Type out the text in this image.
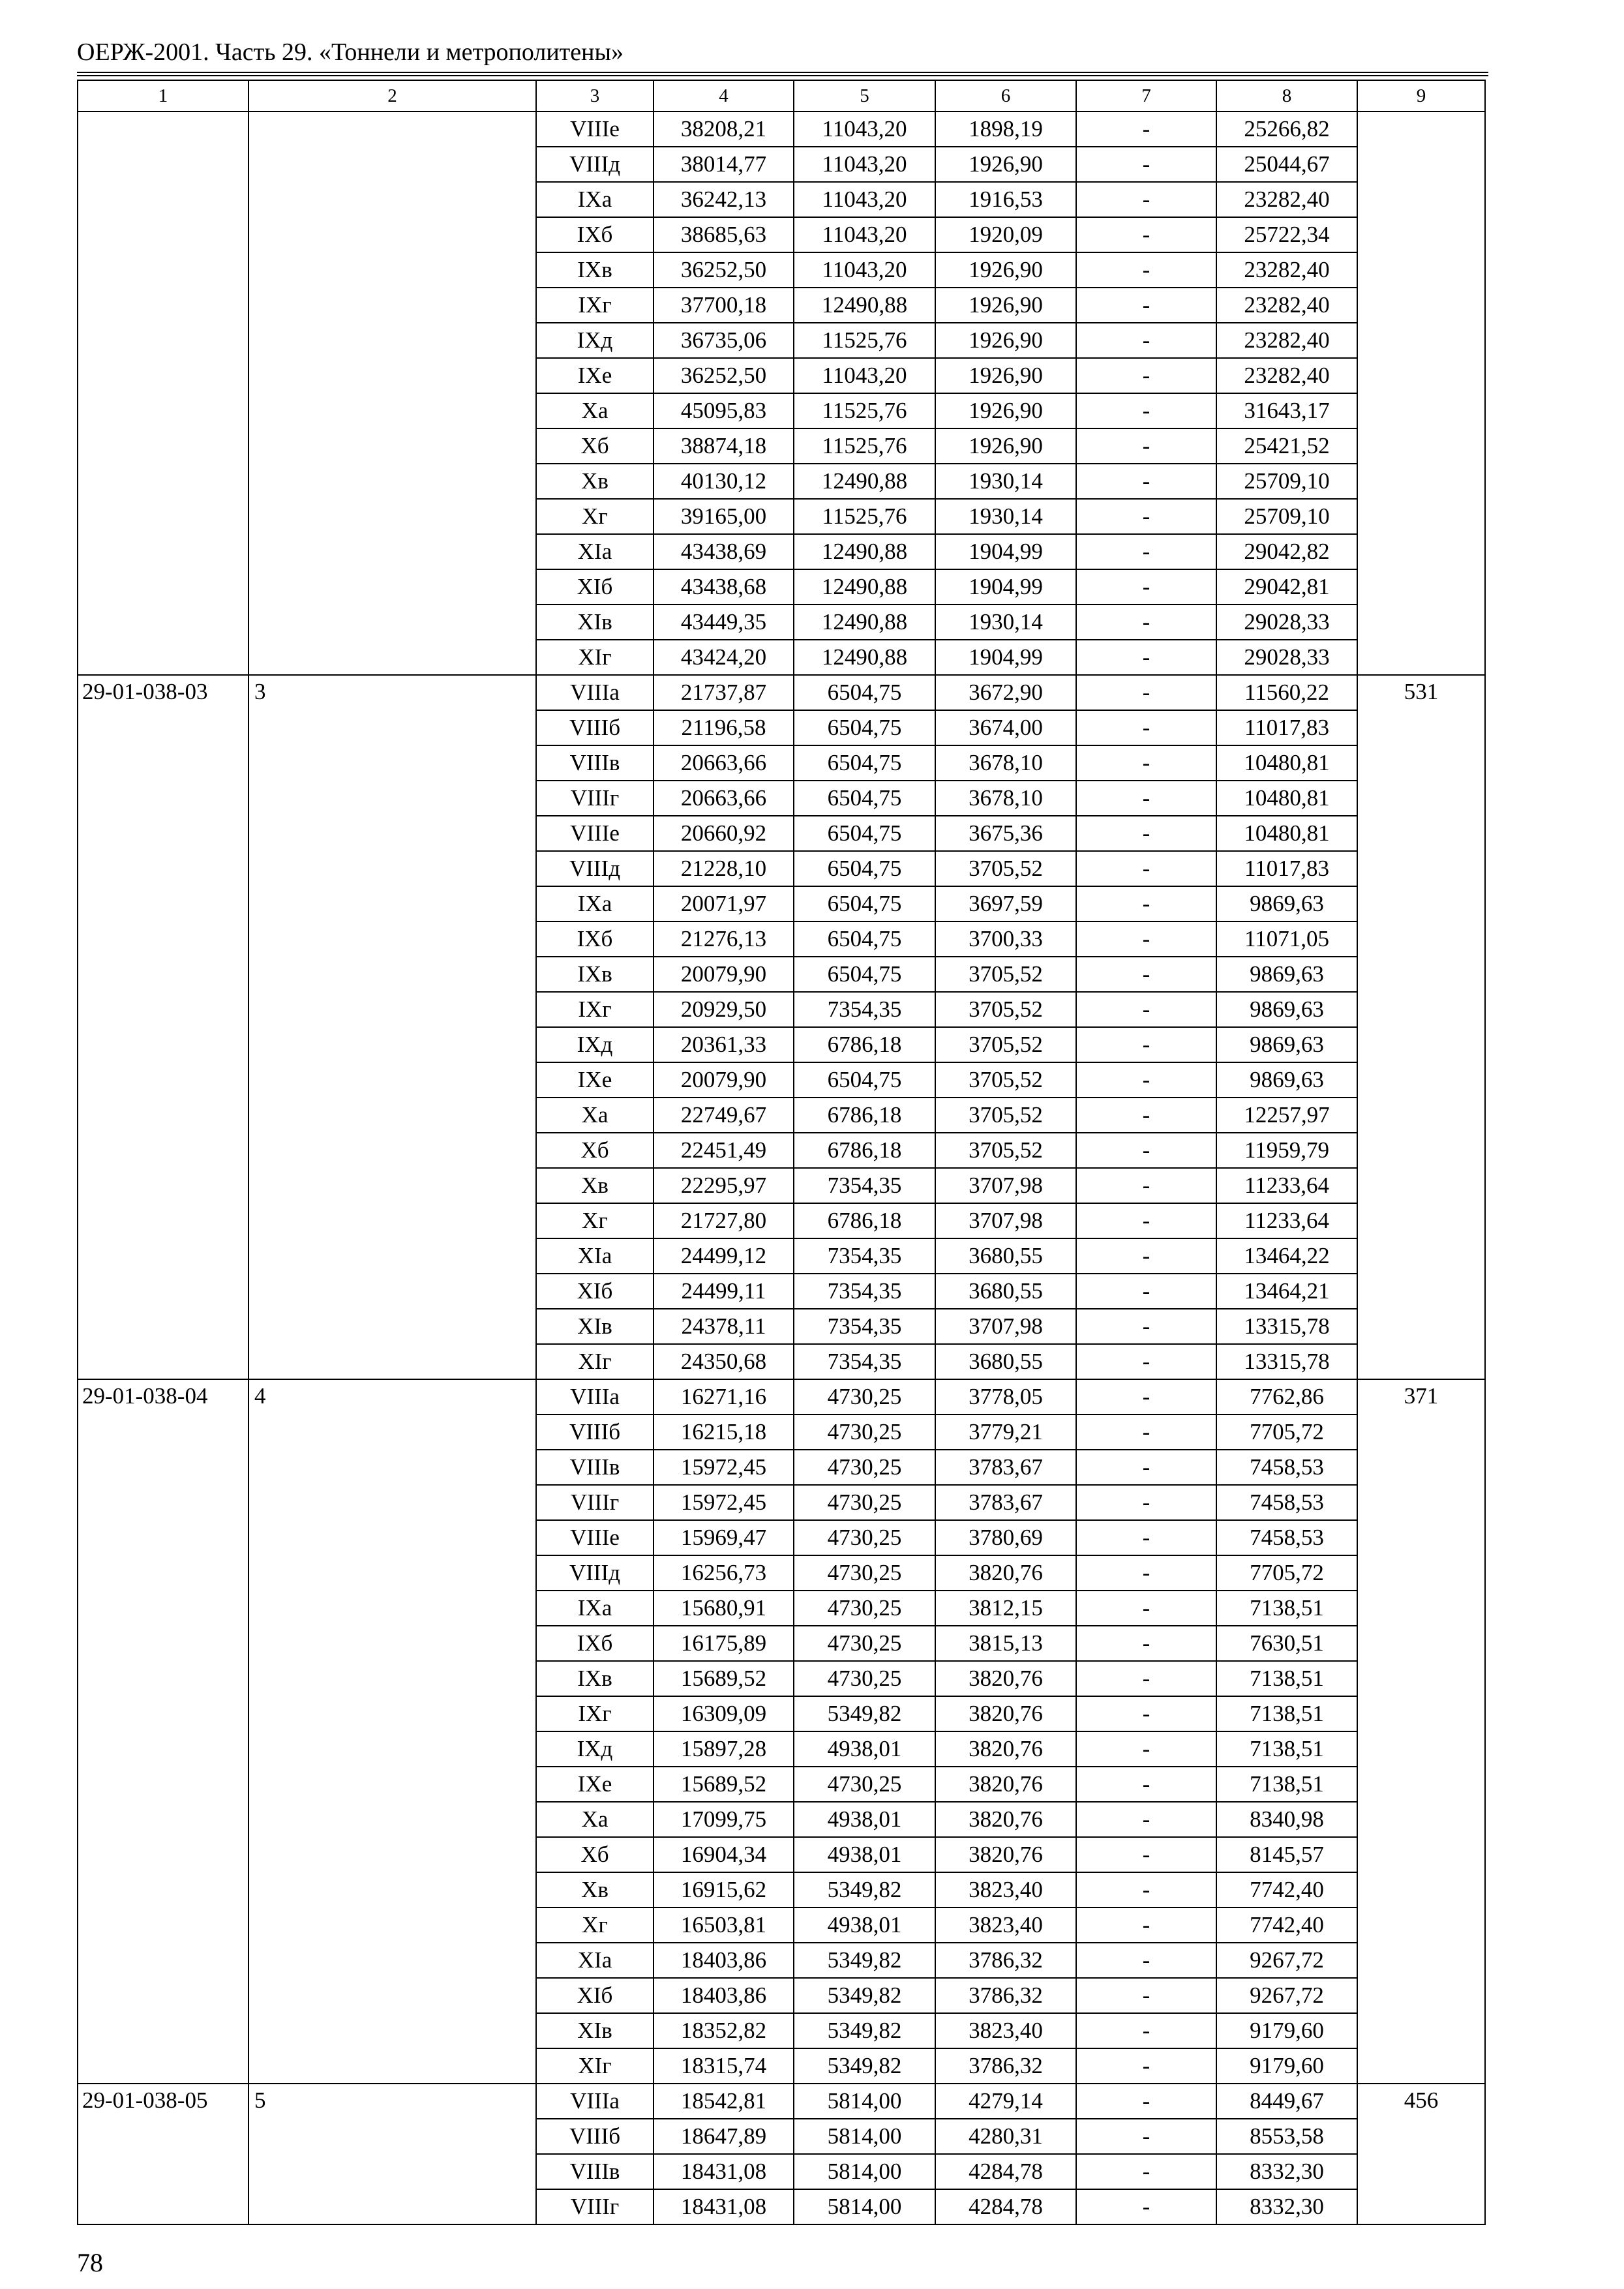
ОЕРЖ-2001. Часть 29. «Тоннели и метрополитены»
1	2	3	4	5	6	7	8	9
		VIIIе	38208,21	11043,20	1898,19	-	25266,82	
		VIIIд	38014,77	11043,20	1926,90	-	25044,67	
		IXа	36242,13	11043,20	1916,53	-	23282,40	
		IXб	38685,63	11043,20	1920,09	-	25722,34	
		IXв	36252,50	11043,20	1926,90	-	23282,40	
		IXг	37700,18	12490,88	1926,90	-	23282,40	
		IXд	36735,06	11525,76	1926,90	-	23282,40	
		IXе	36252,50	11043,20	1926,90	-	23282,40	
		Xа	45095,83	11525,76	1926,90	-	31643,17	
		Xб	38874,18	11525,76	1926,90	-	25421,52	
		Xв	40130,12	12490,88	1930,14	-	25709,10	
		Xг	39165,00	11525,76	1930,14	-	25709,10	
		XIа	43438,69	12490,88	1904,99	-	29042,82	
		XIб	43438,68	12490,88	1904,99	-	29042,81	
		XIв	43449,35	12490,88	1930,14	-	29028,33	
		XIг	43424,20	12490,88	1904,99	-	29028,33	
29-01-038-03	3	VIIIа	21737,87	6504,75	3672,90	-	11560,22	531
		VIIIб	21196,58	6504,75	3674,00	-	11017,83	
		VIIIв	20663,66	6504,75	3678,10	-	10480,81	
		VIIIг	20663,66	6504,75	3678,10	-	10480,81	
		VIIIе	20660,92	6504,75	3675,36	-	10480,81	
		VIIIд	21228,10	6504,75	3705,52	-	11017,83	
		IXа	20071,97	6504,75	3697,59	-	9869,63	
		IXб	21276,13	6504,75	3700,33	-	11071,05	
		IXв	20079,90	6504,75	3705,52	-	9869,63	
		IXг	20929,50	7354,35	3705,52	-	9869,63	
		IXд	20361,33	6786,18	3705,52	-	9869,63	
		IXе	20079,90	6504,75	3705,52	-	9869,63	
		Xа	22749,67	6786,18	3705,52	-	12257,97	
		Xб	22451,49	6786,18	3705,52	-	11959,79	
		Xв	22295,97	7354,35	3707,98	-	11233,64	
		Xг	21727,80	6786,18	3707,98	-	11233,64	
		XIа	24499,12	7354,35	3680,55	-	13464,22	
		XIб	24499,11	7354,35	3680,55	-	13464,21	
		XIв	24378,11	7354,35	3707,98	-	13315,78	
		XIг	24350,68	7354,35	3680,55	-	13315,78	
29-01-038-04	4	VIIIа	16271,16	4730,25	3778,05	-	7762,86	371
		VIIIб	16215,18	4730,25	3779,21	-	7705,72	
		VIIIв	15972,45	4730,25	3783,67	-	7458,53	
		VIIIг	15972,45	4730,25	3783,67	-	7458,53	
		VIIIе	15969,47	4730,25	3780,69	-	7458,53	
		VIIIд	16256,73	4730,25	3820,76	-	7705,72	
		IXа	15680,91	4730,25	3812,15	-	7138,51	
		IXб	16175,89	4730,25	3815,13	-	7630,51	
		IXв	15689,52	4730,25	3820,76	-	7138,51	
		IXг	16309,09	5349,82	3820,76	-	7138,51	
		IXд	15897,28	4938,01	3820,76	-	7138,51	
		IXе	15689,52	4730,25	3820,76	-	7138,51	
		Xа	17099,75	4938,01	3820,76	-	8340,98	
		Xб	16904,34	4938,01	3820,76	-	8145,57	
		Xв	16915,62	5349,82	3823,40	-	7742,40	
		Xг	16503,81	4938,01	3823,40	-	7742,40	
		XIа	18403,86	5349,82	3786,32	-	9267,72	
		XIб	18403,86	5349,82	3786,32	-	9267,72	
		XIв	18352,82	5349,82	3823,40	-	9179,60	
		XIг	18315,74	5349,82	3786,32	-	9179,60	
29-01-038-05	5	VIIIа	18542,81	5814,00	4279,14	-	8449,67	456
		VIIIб	18647,89	5814,00	4280,31	-	8553,58	
		VIIIв	18431,08	5814,00	4284,78	-	8332,30	
		VIIIг	18431,08	5814,00	4284,78	-	8332,30	
78
